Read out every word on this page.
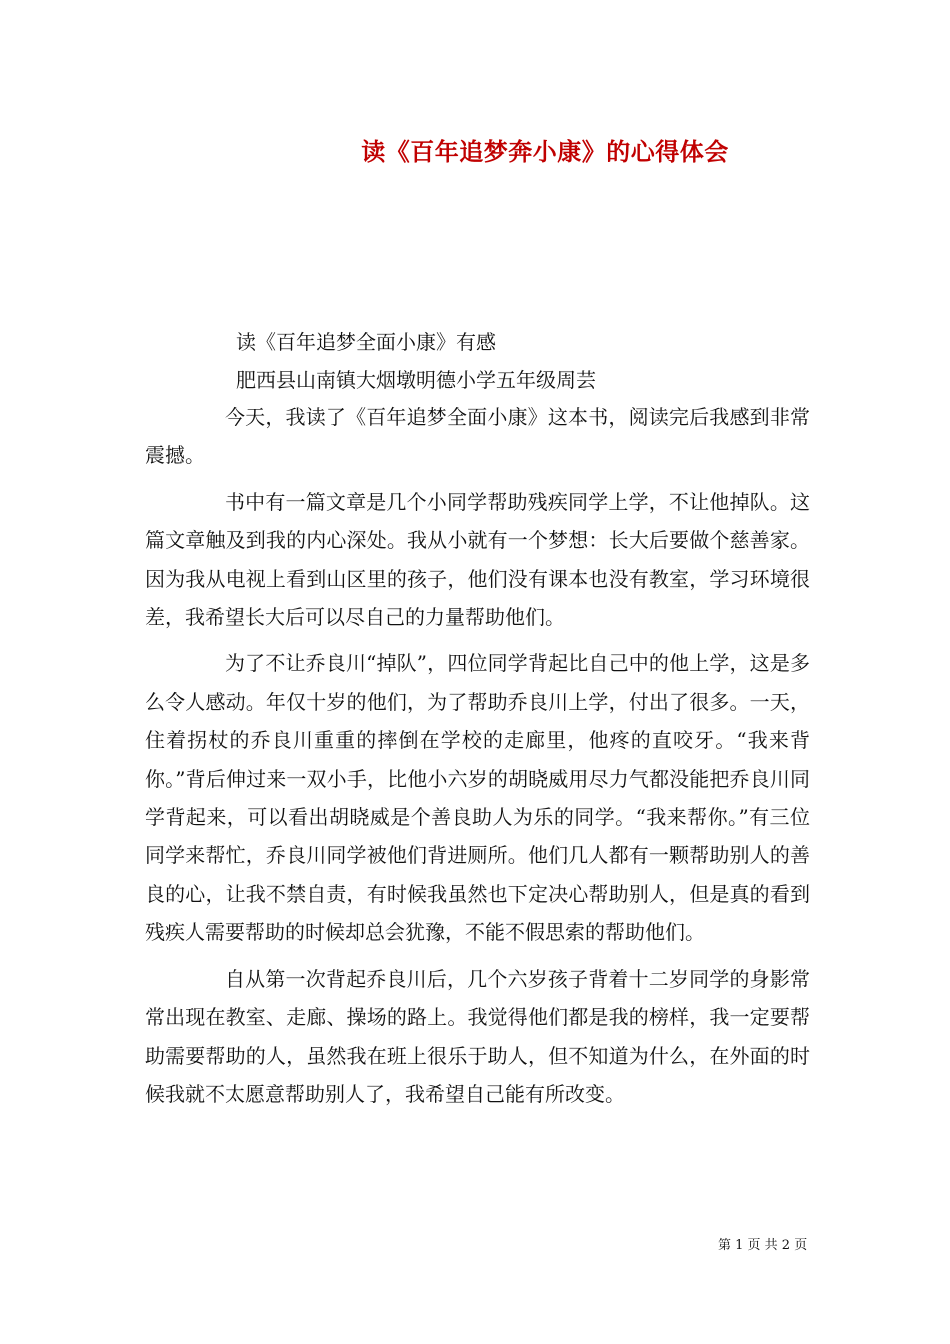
读《百年追梦奔小康》的心得体会
读《百年追梦全面小康》有感
肥西县山南镇大烟墩明德小学五年级周芸

今天，我读了《百年追梦全面小康》这本书，阅读完后我感到非常震撼。

书中有一篇文章是几个小同学帮助残疾同学上学，不让他掉队。这篇文章触及到我的内心深处。我从小就有一个梦想：长大后要做个慈善家。因为我从电视上看到山区里的孩子，他们没有课本也没有教室，学习环境很差，我希望长大后可以尽自己的力量帮助他们。

为了不让乔良川“掉队”，四位同学背起比自己中的他上学，这是多么令人感动。年仅十岁的他们，为了帮助乔良川上学，付出了很多。一天，住着拐杖的乔良川重重的摔倒在学校的走廊里，他疼的直咬牙。“我来背你。”背后伸过来一双小手，比他小六岁的胡晓威用尽力气都没能把乔良川同学背起来，可以看出胡晓威是个善良助人为乐的同学。“我来帮你。”有三位同学来帮忙，乔良川同学被他们背进厕所。他们几人都有一颗帮助别人的善良的心，让我不禁自责，有时候我虽然也下定决心帮助别人，但是真的看到残疾人需要帮助的时候却总会犹豫，不能不假思索的帮助他们。

自从第一次背起乔良川后，几个六岁孩子背着十二岁同学的身影常常出现在教室、走廊、操场的路上。我觉得他们都是我的榜样，我一定要帮助需要帮助的人，虽然我在班上很乐于助人，但不知道为什么，在外面的时候我就不太愿意帮助别人了，我希望自己能有所改变。

第 1 页 共 2 页
